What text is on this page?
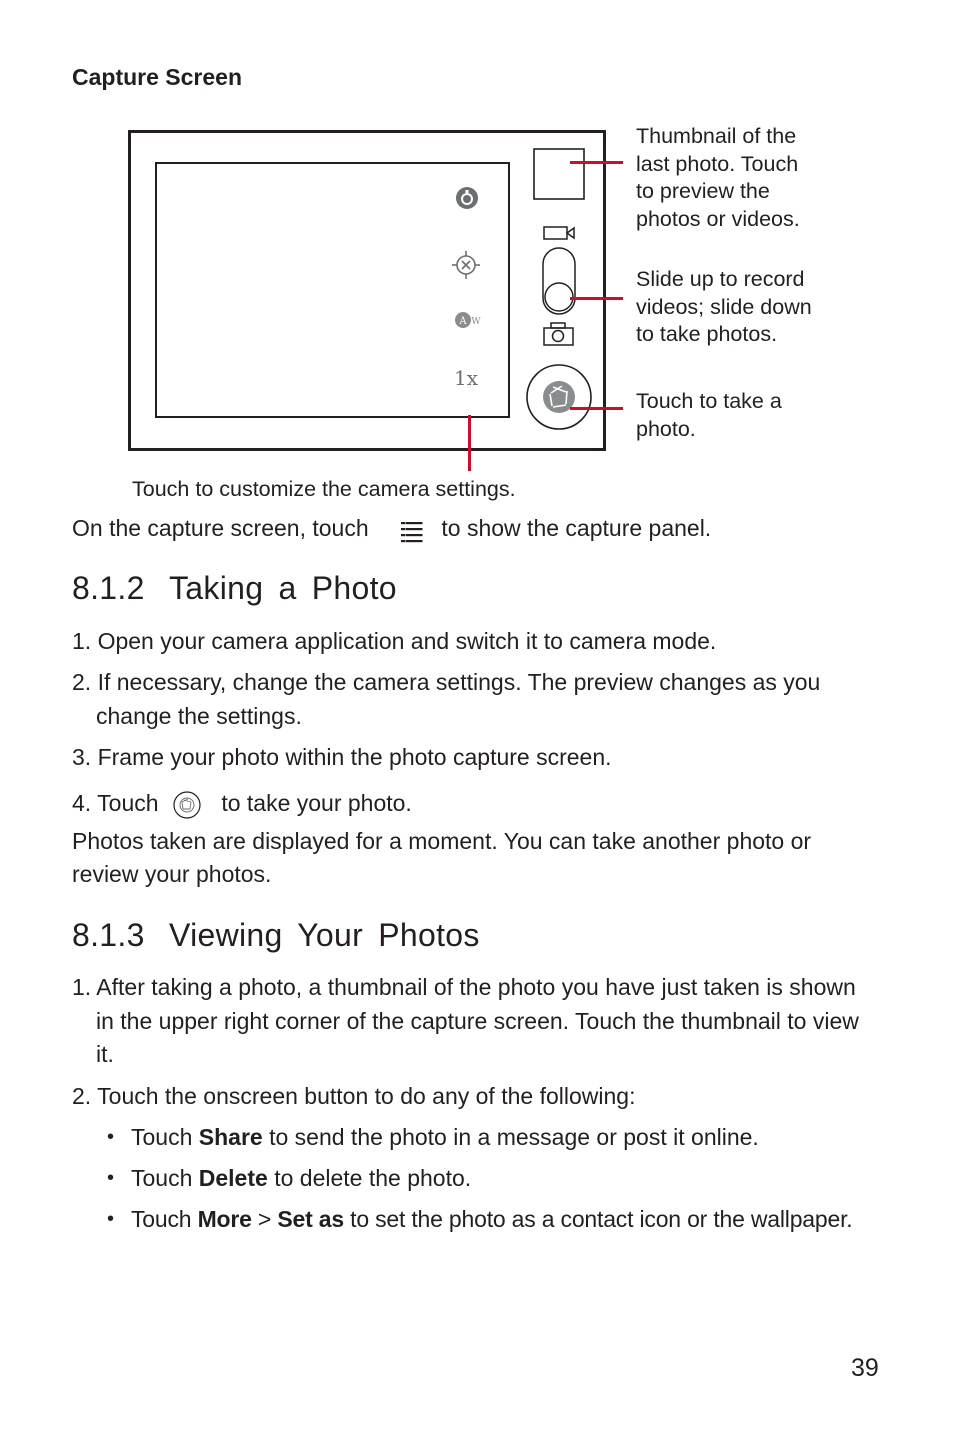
Capture Screen
A W
1x
Thumbnail of the
last photo. Touch
to preview the
photos or videos.
Slide up to record
videos; slide down
to take photos.
Touch to take a
photo.
Touch to customize the camera settings.
On the capture screen, touch	to show the capture panel.
8.1.2 Taking a Photo
1. Open your camera application and switch it to camera mode.
2. If necessary, change the camera settings. The preview changes as you
change the settings.
3. Frame your photo within the photo capture screen.
4. Touch	to take your photo.
Photos taken are displayed for a moment. You can take another photo or
review your photos.
8.1.3 Viewing Your Photos
1. After taking a photo, a thumbnail of the photo you have just taken is shown
in the upper right corner of the capture screen. Touch the thumbnail to view
it.
2. Touch the onscreen button to do any of the following:
• Touch Share to send the photo in a message or post it online.
• Touch Delete to delete the photo.
• Touch More > Set as to set the photo as a contact icon or the wallpaper.
39
